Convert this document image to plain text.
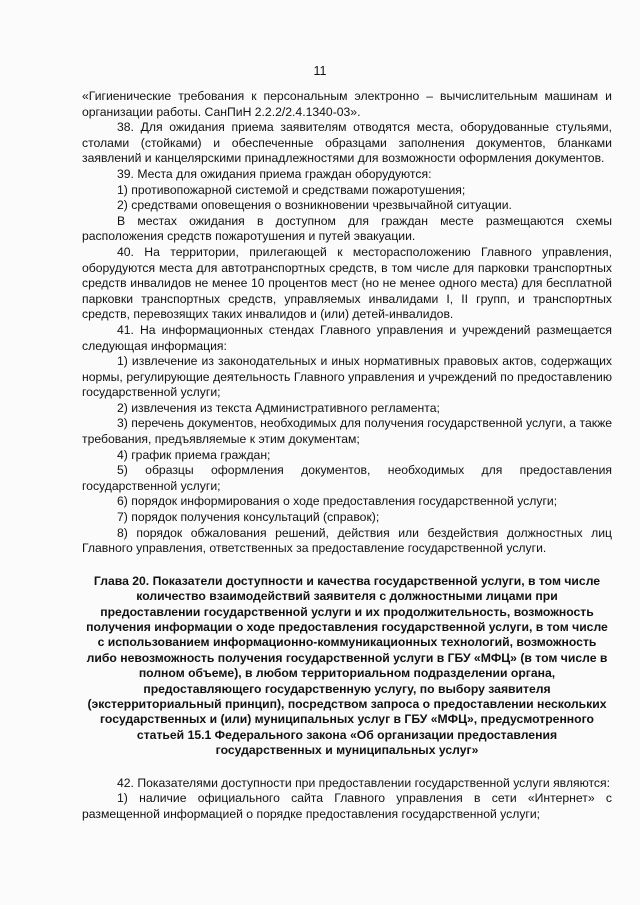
11

«Гигиенические требования к персональным электронно – вычислительным машинам и организации работы. СанПиН 2.2.2/2.4.1340-03».

38. Для ожидания приема заявителям отводятся места, оборудованные стульями, столами (стойками) и обеспеченные образцами заполнения документов, бланками заявлений и канцелярскими принадлежностями для возможности оформления документов.

39. Места для ожидания приема граждан оборудуются:

1) противопожарной системой и средствами пожаротушения;

2) средствами оповещения о возникновении чрезвычайной ситуации.

В местах ожидания в доступном для граждан месте размещаются схемы расположения средств пожаротушения и путей эвакуации.

40. На территории, прилегающей к месторасположению Главного управления, оборудуются места для автотранспортных средств, в том числе для парковки транспортных средств инвалидов не менее 10 процентов мест (но не менее одного места) для бесплатной парковки транспортных средств, управляемых инвалидами I, II групп, и транспортных средств, перевозящих таких инвалидов и (или) детей-инвалидов.

41. На информационных стендах Главного управления и учреждений размещается следующая информация:

1) извлечение из законодательных и иных нормативных правовых актов, содержащих нормы, регулирующие деятельность Главного управления и учреждений по предоставлению государственной услуги;

2) извлечения из текста Административного регламента;

3) перечень документов, необходимых для получения государственной услуги, а также требования, предъявляемые к этим документам;

4) график приема граждан;

5) образцы оформления документов, необходимых для предоставления государственной услуги;

6) порядок информирования о ходе предоставления государственной услуги;

7) порядок получения консультаций (справок);

8) порядок обжалования решений, действия или бездействия должностных лиц Главного управления, ответственных за предоставление государственной услуги.

Глава 20. Показатели доступности и качества государственной услуги, в том числе количество взаимодействий заявителя с должностными лицами при предоставлении государственной услуги и их продолжительность, возможность получения информации о ходе предоставления государственной услуги, в том числе с использованием информационно-коммуникационных технологий, возможность либо невозможность получения государственной услуги в ГБУ «МФЦ» (в том числе в полном объеме), в любом территориальном подразделении органа, предоставляющего государственную услугу, по выбору заявителя (экстерриториальный принцип), посредством запроса о предоставлении нескольких государственных и (или) муниципальных услуг в ГБУ «МФЦ», предусмотренного статьей 15.1 Федерального закона «Об организации предоставления государственных и муниципальных услуг»

42. Показателями доступности при предоставлении государственной услуги являются:

1) наличие официального сайта Главного управления в сети «Интернет» с размещенной информацией о порядке предоставления государственной услуги;
